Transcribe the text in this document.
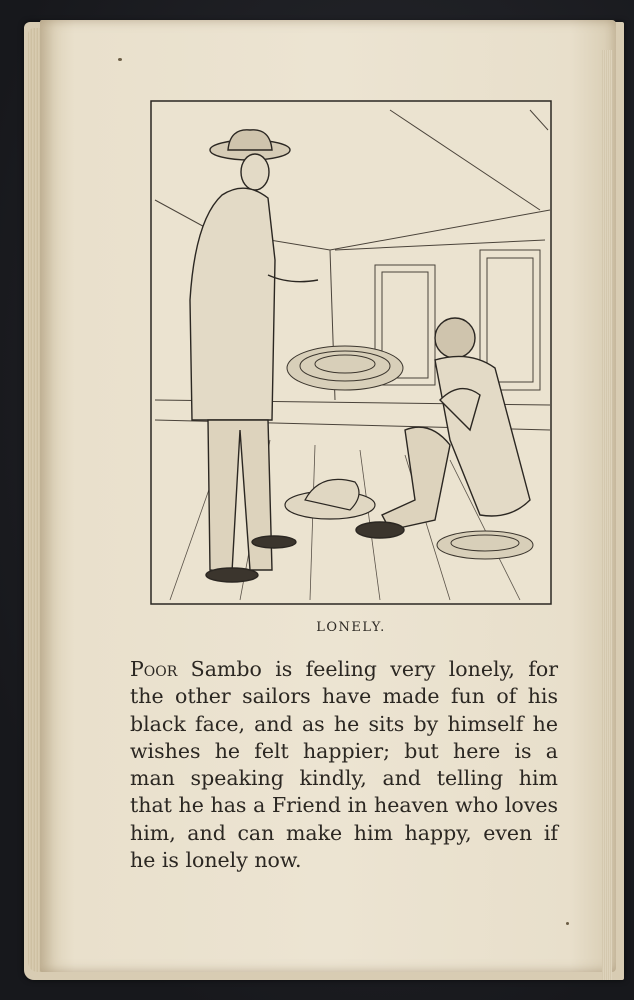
LONELY.
Poor Sambo is feeling very lonely, for
the other sailors have made fun of his
black face, and as he sits by himself he
wishes he felt happier; but here is a
man speaking kindly, and telling him
that he has a Friend in heaven who loves
him, and can make him happy, even if
he is lonely now.
